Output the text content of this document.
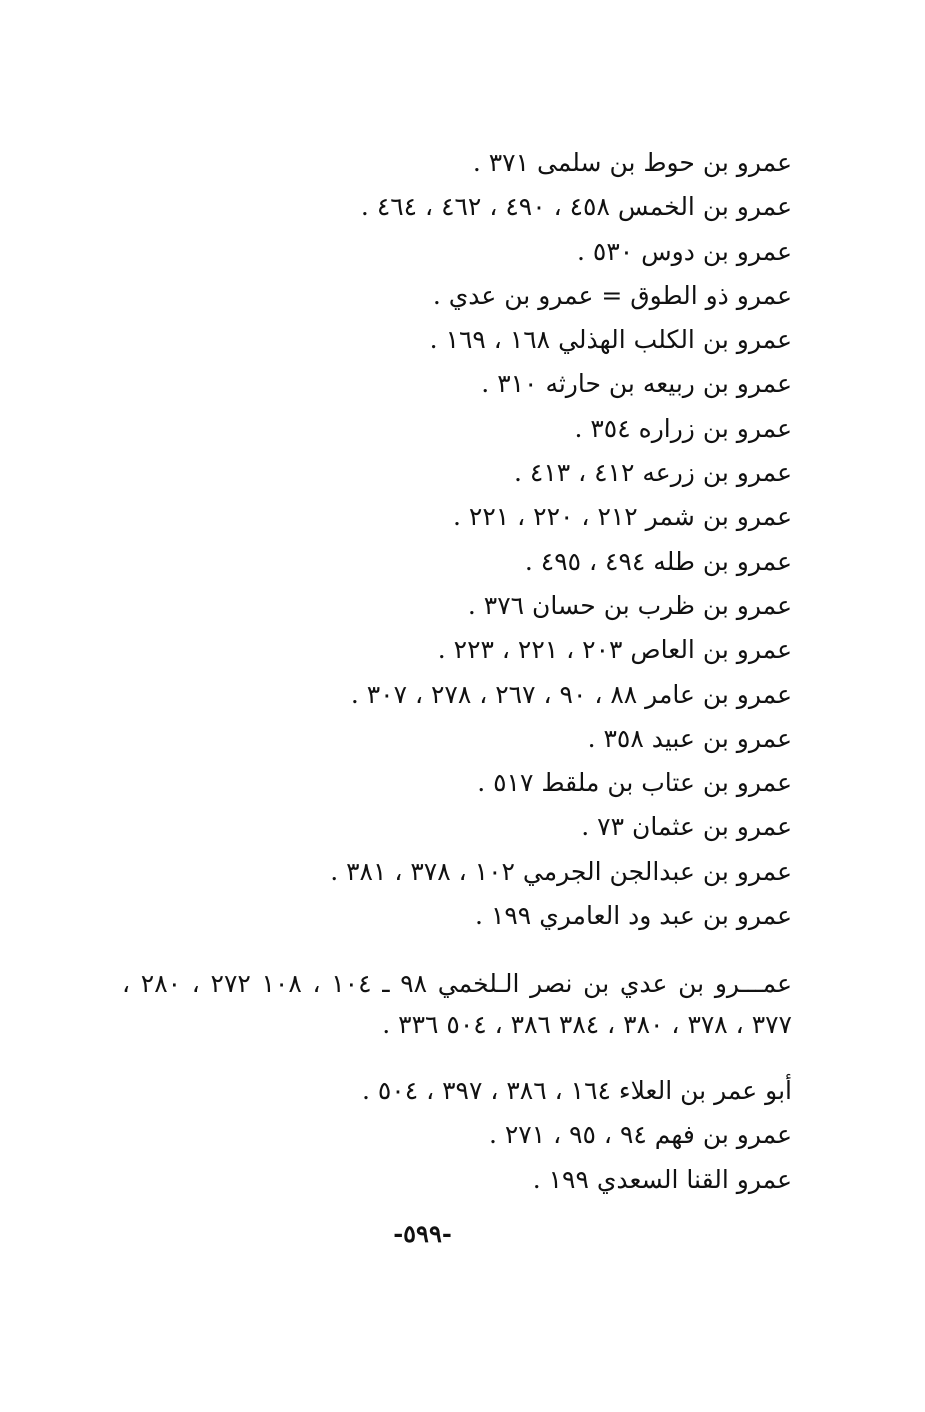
عمرو بن حوط بن سلمى ٣٧١ .
عمرو بن الخمس ٤٥٨ ، ٤٩٠ ، ٤٦٢ ، ٤٦٤ .
عمرو بن دوس ٥٣٠ .
عمرو ذو الطوق = عمرو بن عدي .
عمرو بن الكلب الهذلي ١٦٨ ، ١٦٩ .
عمرو بن ربيعه بن حارثه ٣١٠ .
عمرو بن زراره ٣٥٤ .
عمرو بن زرعه ٤١٢ ، ٤١٣ .
عمرو بن شمر ٢١٢ ، ٢٢٠ ، ٢٢١ .
عمرو بن طله ٤٩٤ ، ٤٩٥ .
عمرو بن ظرب بن حسان ٣٧٦ .
عمرو بن العاص ٢٠٣ ، ٢٢١ ، ٢٢٣ .
عمرو بن عامر ٨٨ ، ٩٠ ، ٢٦٧ ، ٢٧٨ ، ٣٠٧ .
عمرو بن عبيد ٣٥٨ .
عمرو بن عتاب بن ملقط ٥١٧ .
عمرو بن عثمان ٧٣ .
عمرو بن عبدالجن الجرمي ١٠٢ ، ٣٧٨ ، ٣٨١ .
عمرو بن عبد ود العامري ١٩٩ .

عمـــرو بن عدي بن نصر الـلخمي ٩٨ ـ ١٠٤ ، ١٠٨ ٢٧٢ ، ٢٨٠ ، ٣٧٧ ، ٣٧٨ ، ٣٨٠ ، ٣٨٤ ٣٨٦ ، ٥٠٤ ٣٣٦ .

أبو عمر بن العلاء ١٦٤ ، ٣٨٦ ، ٣٩٧ ، ٥٠٤ .
عمرو بن فهم ٩٤ ، ٩٥ ، ٢٧١ .
عمرو القنا السعدي ١٩٩ .
-٥٩٩-
